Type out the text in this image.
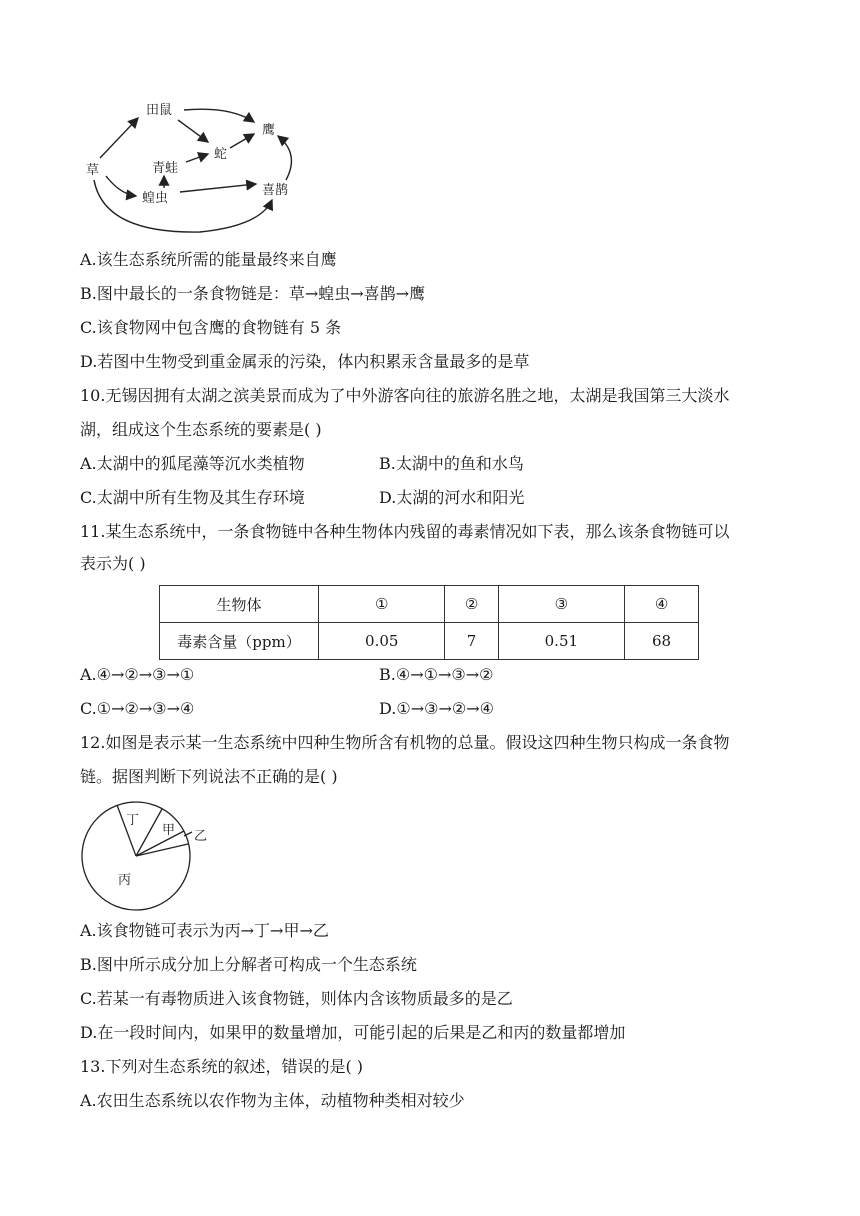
田鼠
鹰
蛇
青蛙
草
蝗虫
喜鹊
A.该生态系统所需的能量最终来自鹰
B.图中最长的一条食物链是：草→蝗虫→喜鹊→鹰
C.该食物网中包含鹰的食物链有 5 条
D.若图中生物受到重金属汞的污染，体内积累汞含量最多的是草
10.无锡因拥有太湖之滨美景而成为了中外游客向往的旅游名胜之地，太湖是我国第三大淡水
湖，组成这个生态系统的要素是( )
A.太湖中的狐尾藻等沉水类植物	B.太湖中的鱼和水鸟
C.太湖中所有生物及其生存环境	D.太湖的河水和阳光
11.某生态系统中，一条食物链中各种生物体内残留的毒素情况如下表，那么该条食物链可以
表示为( )
生物体	①	②	③	④
毒素含量（ppm）	0.05	7	0.51	68
A.④→②→③→①	B.④→①→③→②
C.①→②→③→④	D.①→③→②→④
12.如图是表示某一生态系统中四种生物所含有机物的总量。假设这四种生物只构成一条食物
链。据图判断下列说法不正确的是( )
丁
甲 乙
丙
A.该食物链可表示为丙→丁→甲→乙
B.图中所示成分加上分解者可构成一个生态系统
C.若某一有毒物质进入该食物链，则体内含该物质最多的是乙
D.在一段时间内，如果甲的数量增加，可能引起的后果是乙和丙的数量都增加
13.下列对生态系统的叙述，错误的是( )
A.农田生态系统以农作物为主体，动植物种类相对较少
